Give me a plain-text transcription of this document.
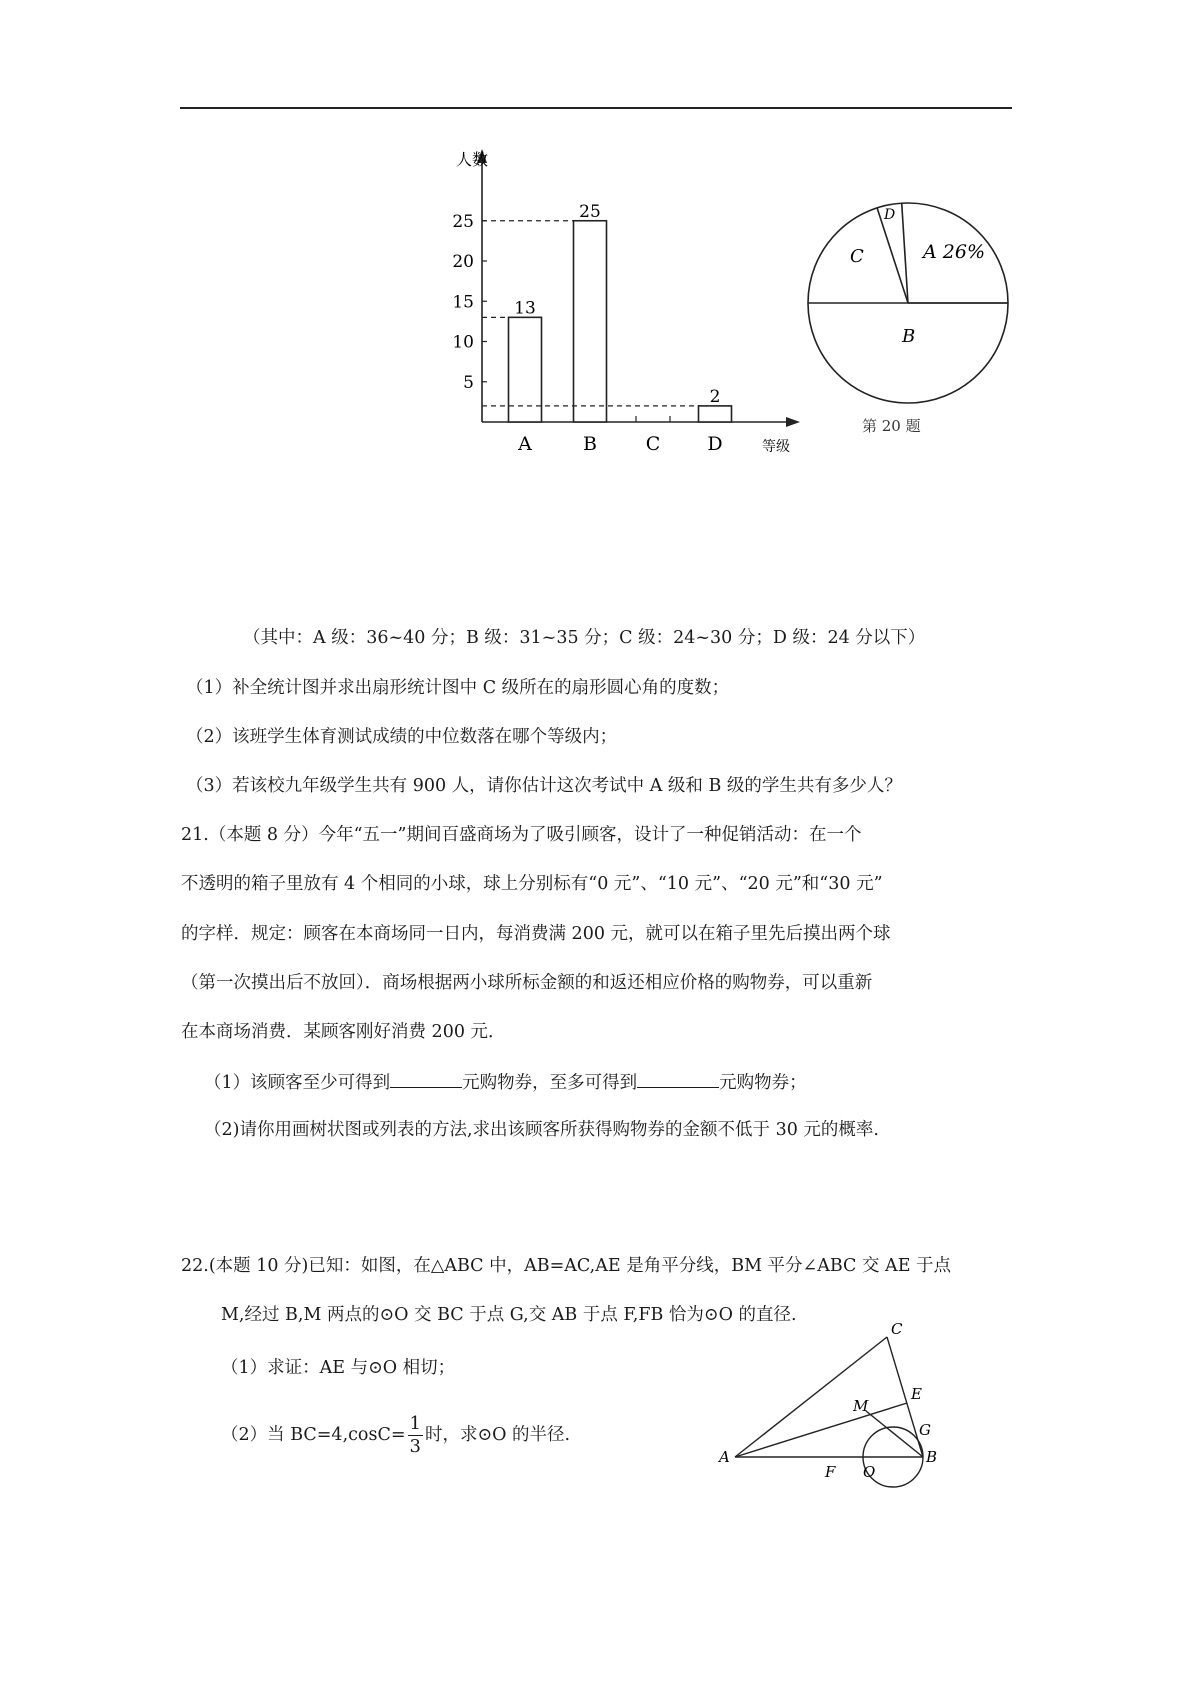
5
10
15
20
25
A
13
B
25
C D
2
人数
等级
A 26%
D
C
B
第 20 题
（其中：A 级：36~40 分；B 级：31~35 分；C 级：24~30 分；D 级：24 分以下）
（1）补全统计图并求出扇形统计图中 C 级所在的扇形圆心角的度数；
（2）该班学生体育测试成绩的中位数落在哪个等级内；
（3）若该校九年级学生共有 900 人，请你估计这次考试中 A 级和 B 级的学生共有多少人？
21.（本题 8 分）今年“五一”期间百盛商场为了吸引顾客，设计了一种促销活动：在一个
不透明的箱子里放有 4 个相同的小球，球上分别标有“0 元”、“10 元”、“20 元”和“30 元”
的字样．规定：顾客在本商场同一日内，每消费满 200 元，就可以在箱子里先后摸出两个球
（第一次摸出后不放回）．商场根据两小球所标金额的和返还相应价格的购物券，可以重新
在本商场消费．某顾客刚好消费 200 元．
（1）该顾客至少可得到	元购物券，至多可得到	元购物券；
（2)请你用画树状图或列表的方法,求出该顾客所获得购物券的金额不低于 30 元的概率.
22.(本题 10 分)已知：如图，在△ABC 中，AB=AC,AE 是角平分线，BM 平分∠ABC 交 AE 于点
M,经过 B,M 两点的⊙O 交 BC 于点 G,交 AB 于点 F,FB 恰为⊙O 的直径.
（1）求证：AE 与⊙O 相切；
（2）当 $BC=4,\cos C= \frac{1}{3}$ 时，求⊙O 的半径.
C
E
M
G
A
F O
B
